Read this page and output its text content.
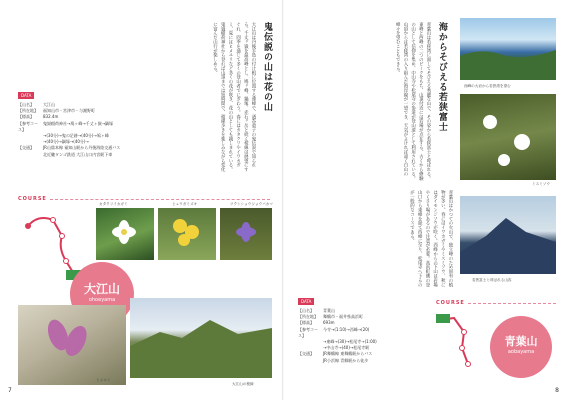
鬼伝説の山は花の山
大江山は丹後半島の付け根に位置する連峰で、酒呑童子の鬼伝説で知られる。千丈ヶ嶽を最高峰とし、鳩ヶ峰、鍋塚、赤石ヶ岳と続く稜線は展望にすぐれ、四季を通じて多くの登山者でにぎわう。春にはカタクリやイワカガミ、夏にはヒメユリなど多くの花が咲き、花の山としても親しまれている。鬼嶽稲荷神社から登れば山頂までは短時間で、稜線歩きを楽しみながら変化に富んだ山行が楽しめる。
DATA
【山名】	大江山
【所在地】	福知山市・宮津市・与謝野町
【標高】	832.4m
【参考コース】
鬼嶽稲荷神社→鳩ヶ峰→千丈ヶ嶽→鍋塚
→(30分)→鬼の足跡→(40分)→鳩ヶ峰
→(40分)→鍋塚→(40分)→
【交通】	JR山陰本線 福知山駅から丹後海陸交通バス
北近畿タンゴ鉄道 大江山口内宮駅下車
COURSE
カタクリイカガミ	ヒュウガミズキ	ツクシショウジョウバカマ
大江山
ohoeyama
ヒメユリ
大江山の稜線
7
海からそびえる若狭富士
青葉山は若狭湾に面してそびえる秀麗な山で、その姿から若狭富士と呼ばれる。東峰と西峰の二つのピークをもち、山頂付近には岩場が点在する。古くから修験の山として信仰を集め、中山寺や松尾寺の参道が登山道として利用されている。山頂からは若狭湾の入り組んだ海岸線が一望でき、天気がよければ遠く白山の峰々を望むこともできる。
西峰の大岩から若狭湾を望む
ミスミソウ
青葉山はかつての火山で、独立峰のため固有の植物が多い。春にはイワカガミやミスミソウ、秋にはダイモンジソウが咲く。西峰からの下山は岩場やくさり場があるので注意が必要。高浜町側の登山口から東峰を経て西峰に至り、松尾寺へ下るのが一般的なコースである。
若狭富士と呼ばれる山容
DATA
【山名】	青葉山
【所在地】	舞鶴市・福井県高浜町
【標高】	693m
【参考コース】
今寺→(1:10)→西峰→(20)
→東峰→(30)→松尾寺→(1:00)
→中山寺→(40)→松尾寺駅
【交通】	JR舞鶴線 東舞鶴駅からバス
JR小浜線 青郷駅から徒歩
COURSE
青葉山
aobayama
8
